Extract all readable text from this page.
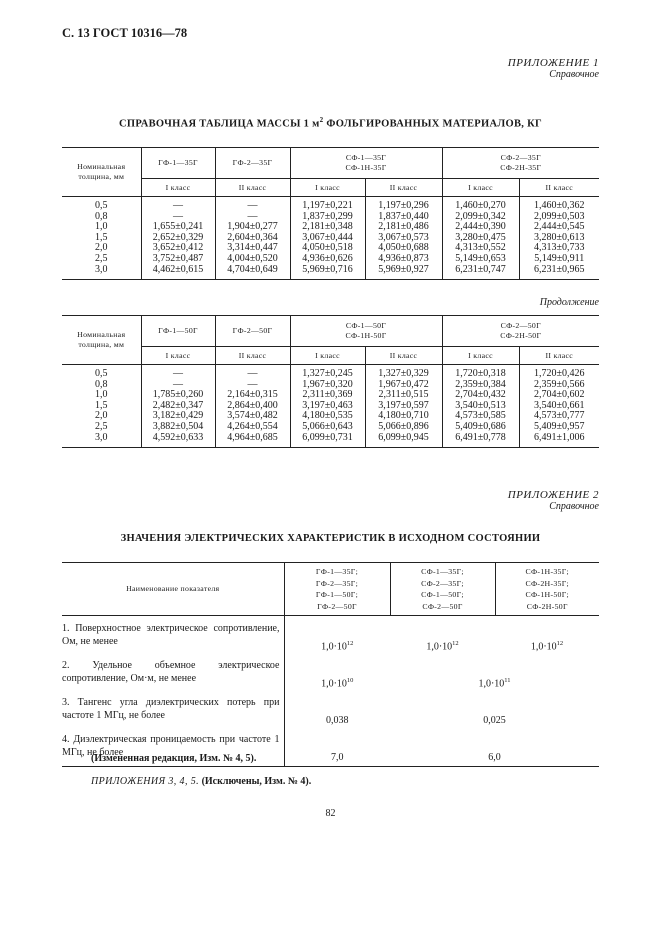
С. 13 ГОСТ 10316—78
ПРИЛОЖЕНИЕ 1
Справочное
СПРАВОЧНАЯ ТАБЛИЦА МАССЫ 1 $м^2$ ФОЛЬГИРОВАННЫХ МАТЕРИАЛОВ, КГ
Номинальная
толщина, мм	ГФ-1—35Г	ГФ-2—35Г	СФ-1—35Г
СФ-1Н-35Г		СФ-2—35Г
СФ-2Н-35Г	
	I класс	II класс	I класс	II класс	I класс	II класс
0,5	—	—	1,197±0,221	1,197±0,296	1,460±0,270	1,460±0,362
0,8	—	—	1,837±0,299	1,837±0,440	2,099±0,342	2,099±0,503
1,0	1,655±0,241	1,904±0,277	2,181±0,348	2,181±0,486	2,444±0,390	2,444±0,545
1,5	2,652±0,329	2,604±0,364	3,067±0,444	3,067±0,573	3,280±0,475	3,280±0,613
2,0	3,652±0,412	3,314±0,447	4,050±0,518	4,050±0,688	4,313±0,552	4,313±0,733
2,5	3,752±0,487	4,004±0,520	4,936±0,626	4,936±0,873	5,149±0,653	5,149±0,911
3,0	4,462±0,615	4,704±0,649	5,969±0,716	5,969±0,927	6,231±0,747	6,231±0,965
Продолжение
Номинальная
толщина, мм	ГФ-1—50Г	ГФ-2—50Г	СФ-1—50Г
СФ-1Н-50Г		СФ-2—50Г
СФ-2Н-50Г	
	I класс	II класс	I класс	II класс	I класс	II класс
0,5	—	—	1,327±0,245	1,327±0,329	1,720±0,318	1,720±0,426
0,8	—	—	1,967±0,320	1,967±0,472	2,359±0,384	2,359±0,566
1,0	1,785±0,260	2,164±0,315	2,311±0,369	2,311±0,515	2,704±0,432	2,704±0,602
1,5	2,482±0,347	2,864±0,400	3,197±0,463	3,197±0,597	3,540±0,513	3,540±0,661
2,0	3,182±0,429	3,574±0,482	4,180±0,535	4,180±0,710	4,573±0,585	4,573±0,777
2,5	3,882±0,504	4,264±0,554	5,066±0,643	5,066±0,896	5,409±0,686	5,409±0,957
3,0	4,592±0,633	4,964±0,685	6,099±0,731	6,099±0,945	6,491±0,778	6,491±1,006
ПРИЛОЖЕНИЕ 2
Справочное
ЗНАЧЕНИЯ ЭЛЕКТРИЧЕСКИХ ХАРАКТЕРИСТИК В ИСХОДНОМ СОСТОЯНИИ
Наименование показателя	ГФ-1—35Г;
ГФ-2—35Г;
ГФ-1—50Г;
ГФ-2—50Г	СФ-1—35Г;
СФ-2—35Г;
СФ-1—50Г;
СФ-2—50Г	СФ-1Н-35Г;
СФ-2Н-35Г;
СФ-1Н-50Г;
СФ-2Н-50Г
1. Поверхностное электрическое сопротивление, Ом, не менее	$1,0\cdot 10^{12}$	$1,0\cdot 10^{12}$	$1,0\cdot 10^{12}$
2. Удельное объемное электрическое сопротивление, Ом·м, не менее	$1,0\cdot 10^{10}$	$1,0\cdot 10^{11}$
3. Тангенс угла диэлектрических потерь при частоте 1 МГц, не более	0,038	0,025	
4. Диэлектрическая проницаемость при частоте 1 МГц, не более	7,0	6,0	
(Измененная редакция, Изм. № 4, 5).
ПРИЛОЖЕНИЯ 3, 4, 5. (Исключены, Изм. № 4).
82
